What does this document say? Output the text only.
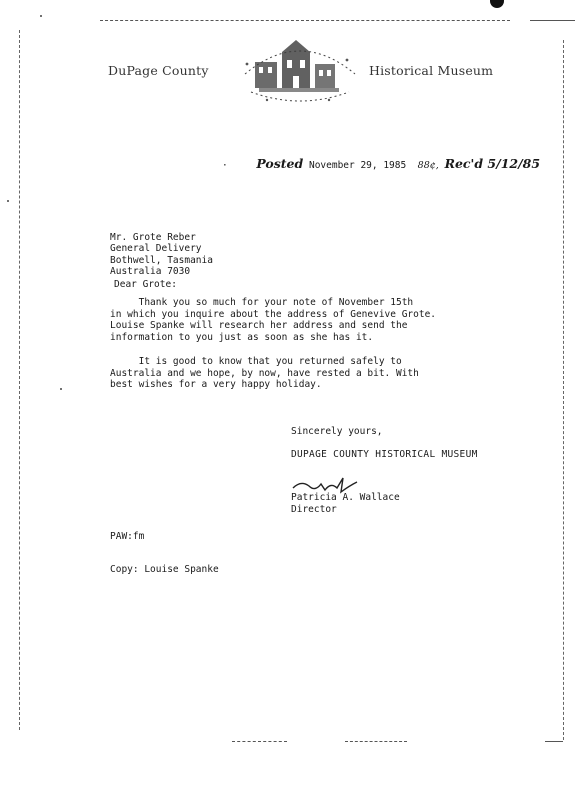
DuPage County	Historical Museum
· Posted November 29, 1985 88¢, Rec'd 5/12/85

Mr. Grote Reber
General Delivery
Bothwell, Tasmania
Australia 7030
Dear Grote:
Thank you so much for your note of November 15th
in which you inquire about the address of Genevive Grote.
Louise Spanke will research her address and send the
information to you just as soon as she has it.
It is good to know that you returned safely to
Australia and we hope, by now, have rested a bit. With
best wishes for a very happy holiday.
Sincerely yours,
DUPAGE COUNTY HISTORICAL MUSEUM
Patricia A. Wallace
Director
PAW:fm
Copy: Louise Spanke
